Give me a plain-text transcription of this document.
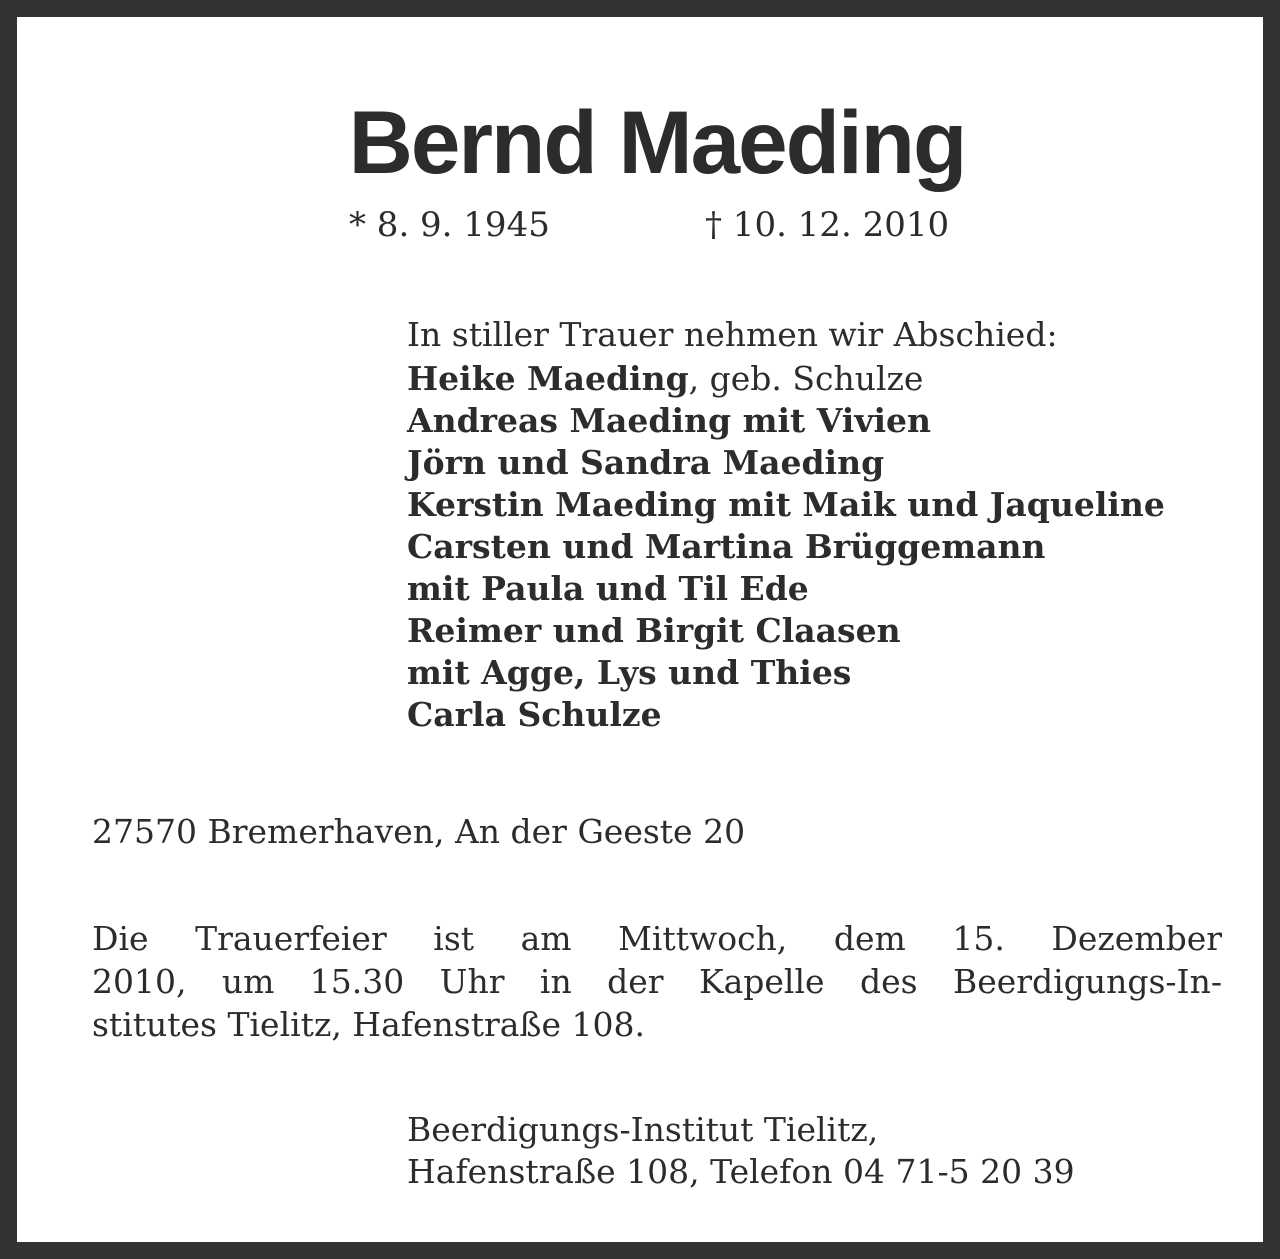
Bernd Maeding
* 8. 9. 1945	† 10. 12. 2010
In stiller Trauer nehmen wir Abschied:
Heike Maeding, geb. Schulze
Andreas Maeding mit Vivien
Jörn und Sandra Maeding
Kerstin Maeding mit Maik und Jaqueline
Carsten und Martina Brüggemann
mit Paula und Til Ede
Reimer und Birgit Claasen
mit Agge, Lys und Thies
Carla Schulze
27570 Bremerhaven, An der Geeste 20
Die Trauerfeier ist am Mittwoch, dem 15. Dezember
2010, um 15.30 Uhr in der Kapelle des Beerdigungs-In-
stitutes Tielitz, Hafenstraße 108.
Beerdigungs-Institut Tielitz,
Hafenstraße 108, Telefon 04 71-5 20 39
